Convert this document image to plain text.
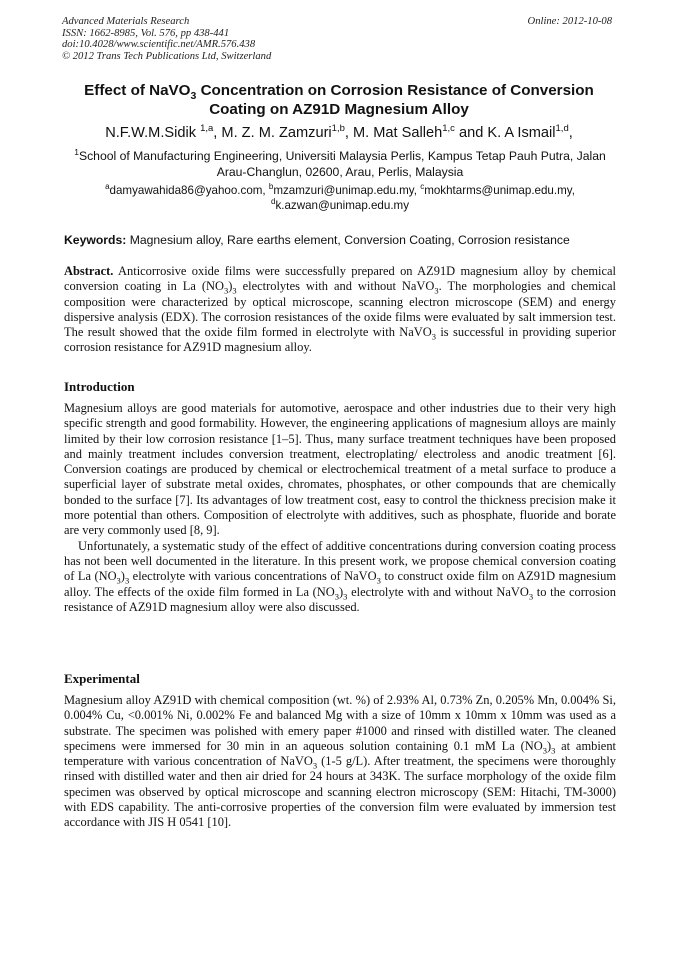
Advanced Materials Research
ISSN: 1662-8985, Vol. 576, pp 438-441
doi:10.4028/www.scientific.net/AMR.576.438
© 2012 Trans Tech Publications Ltd, Switzerland
Online: 2012-10-08
Effect of NaVO$_3$ Concentration on Corrosion Resistance of Conversion
Coating on AZ91D Magnesium Alloy
N.F.W.M.Sidik $^{1,a}$, M. Z. M. Zamzuri$^{1,b}$, M. Mat Salleh$^{1,c}$ and K. A Ismail$^{1,d}$,
$^1$School of Manufacturing Engineering, Universiti Malaysia Perlis, Kampus Tetap Pauh Putra, Jalan Arau-Changlun, 02600, Arau, Perlis, Malaysia
$^a$damyawahida86@yahoo.com, $^b$mzamzuri@unimap.edu.my, $^c$mokhtarms@unimap.edu.my,
$^d$k.azwan@unimap.edu.my
Keywords: Magnesium alloy, Rare earths element, Conversion Coating, Corrosion resistance

Abstract. Anticorrosive oxide films were successfully prepared on AZ91D magnesium alloy by chemical conversion coating in La $(NO_3)_3$ electrolytes with and without NaVO$_3$. The morphologies and chemical composition were characterized by optical microscope, scanning electron microscope (SEM) and energy dispersive analysis (EDX). The corrosion resistances of the oxide films were evaluated by salt immersion test. The result showed that the oxide film formed in electrolyte with NaVO$_3$ is successful in providing superior corrosion resistance for AZ91D magnesium alloy.

Introduction

Magnesium alloys are good materials for automotive, aerospace and other industries due to their very high specific strength and good formability. However, the engineering applications of magnesium alloys are mainly limited by their low corrosion resistance [1–5]. Thus, many surface treatment techniques have been proposed and mainly treatment includes conversion treatment, electroplating/ electroless and anodic treatment [6]. Conversion coatings are produced by chemical or electrochemical treatment of a metal surface to produce a superficial layer of substrate metal oxides, chromates, phosphates, or other compounds that are chemically bonded to the surface [7]. Its advantages of low treatment cost, easy to control the thickness precision make it more potential than others. Composition of electrolyte with additives, such as phosphate, fluoride and borate are very commonly used [8, 9].

Unfortunately, a systematic study of the effect of additive concentrations during conversion coating process has not been well documented in the literature. In this present work, we propose chemical conversion coating of La $(NO_3)_3$ electrolyte with various concentrations of NaVO$_3$ to construct oxide film on AZ91D magnesium alloy. The effects of the oxide film formed in La $(NO_3)_3$ electrolyte with and without NaVO$_3$ to the corrosion resistance of AZ91D magnesium alloy were also discussed.

Experimental

Magnesium alloy AZ91D with chemical composition (wt. %) of 2.93% Al, 0.73% Zn, 0.205% Mn, 0.004% Si, 0.004% Cu, <0.001% Ni, 0.002% Fe and balanced Mg with a size of 10mm x 10mm x 10mm was used as a substrate. The specimen was polished with emery paper #1000 and rinsed with distilled water. The cleaned specimens were immersed for 30 min in an aqueous solution containing 0.1 mM La $(NO_3)_3$ at ambient temperature with various concentration of NaVO$_3$ (1-5 g/L). After treatment, the specimens were thoroughly rinsed with distilled water and then air dried for 24 hours at 343K. The surface morphology of the oxide film specimen was observed by optical microscope and scanning electron microscopy (SEM: Hitachi, TM-3000) with EDS capability. The anti-corrosive properties of the conversion film were evaluated by immersion test accordance with JIS H 0541 [10].
